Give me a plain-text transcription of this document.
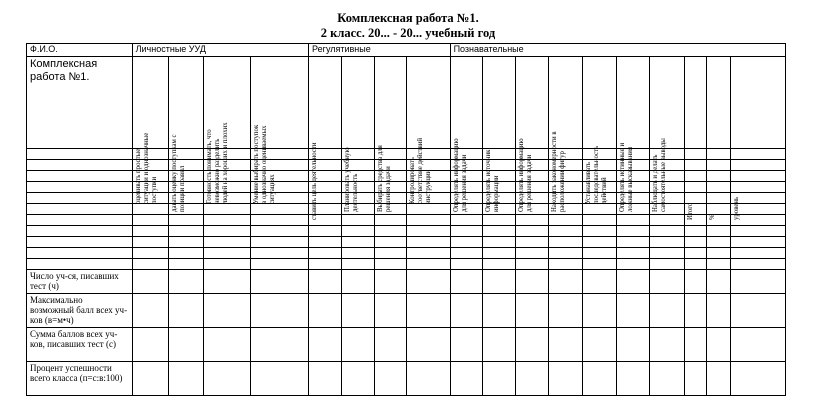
Комплексная работа №1.
2 класс. 20... - 20... учебный год
Ф.И.О.	Личностные УУД				Регулятивные				Познавательные									
Комплексная работа №1.	оценивать простые ситуации и однозначные поступки	давать оценку поступкам с позиции правил	Готовность понимать, что невозможно разделить людей на хороших и плохих	Умение выбирать поступок в однозначно оцениваемых ситуациях	ставить цель деятельности	Планировать учебную деятельность	Выбирать средства для решения задачи	Контролировать соответствие действий инструкции	Определять информацию для решения задачи	Определять источник информации	Определять информацию для решения задачи	Находить закономерности в расположении фигур	Устанавливать последовательность действий	Определять истинные и ложные высказывания	Наблюдать и делать самостоятельные выводы	Итого	%	уровень

Число уч-ся, писавших тест (ч)																		
Максимально возможный балл всех уч-ков (в=м•ч)																		
Сумма баллов всех уч-ков, писавших тест (с)																		
Процент успешности всего класса (п=с:в:100)																		
